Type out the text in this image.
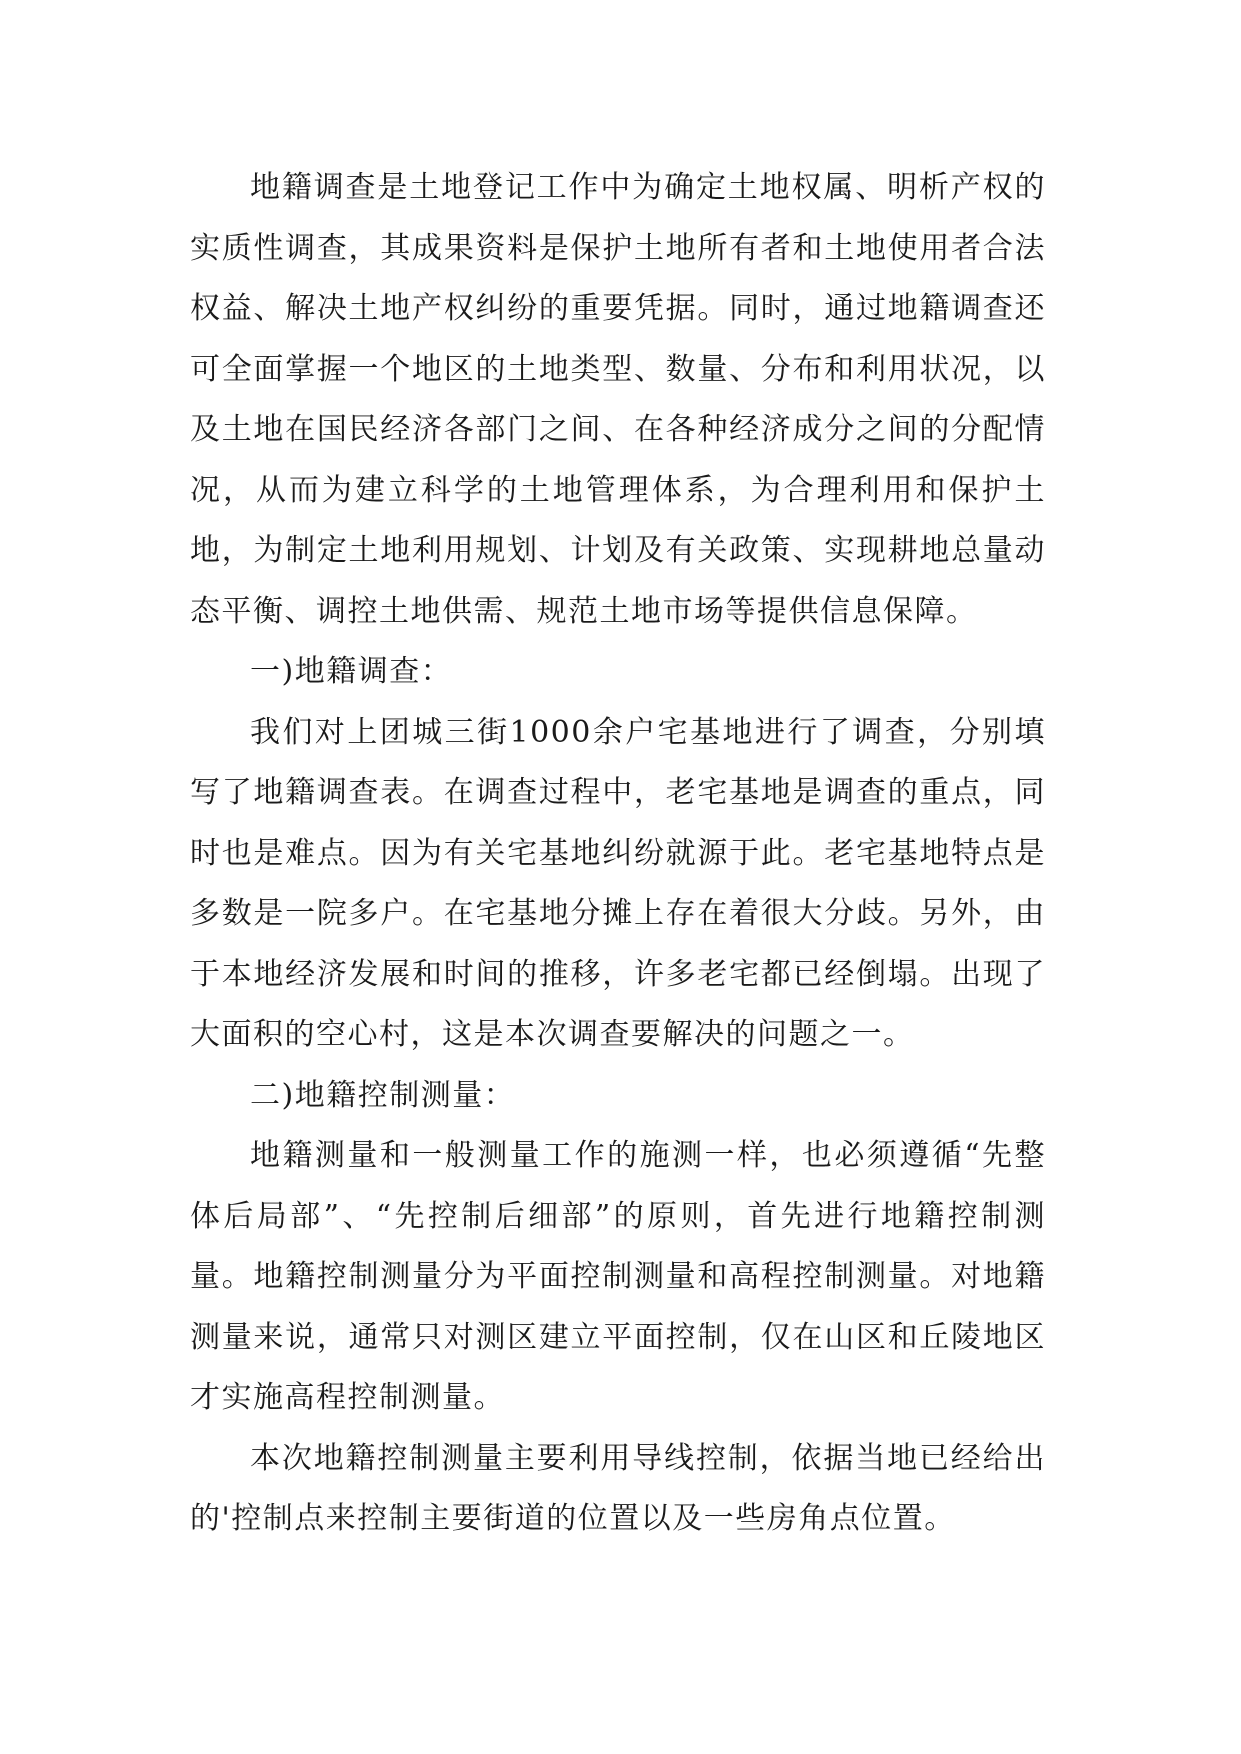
地籍调查是土地登记工作中为确定土地权属、明析产权的实质性调查，其成果资料是保护土地所有者和土地使用者合法权益、解决土地产权纠纷的重要凭据。同时，通过地籍调查还可全面掌握一个地区的土地类型、数量、分布和利用状况，以及土地在国民经济各部门之间、在各种经济成分之间的分配情况，从而为建立科学的土地管理体系，为合理利用和保护土地，为制定土地利用规划、计划及有关政策、实现耕地总量动态平衡、调控土地供需、规范土地市场等提供信息保障。

一)地籍调查：

我们对上团城三街1000余户宅基地进行了调查，分别填写了地籍调查表。在调查过程中，老宅基地是调查的重点，同时也是难点。因为有关宅基地纠纷就源于此。老宅基地特点是多数是一院多户。在宅基地分摊上存在着很大分歧。另外，由于本地经济发展和时间的推移，许多老宅都已经倒塌。出现了大面积的空心村，这是本次调查要解决的问题之一。

二)地籍控制测量：

地籍测量和一般测量工作的施测一样，也必须遵循“先整体后局部”、“先控制后细部”的原则，首先进行地籍控制测量。地籍控制测量分为平面控制测量和高程控制测量。对地籍测量来说，通常只对测区建立平面控制，仅在山区和丘陵地区才实施高程控制测量。

本次地籍控制测量主要利用导线控制，依据当地已经给出的'控制点来控制主要街道的位置以及一些房角点位置。
